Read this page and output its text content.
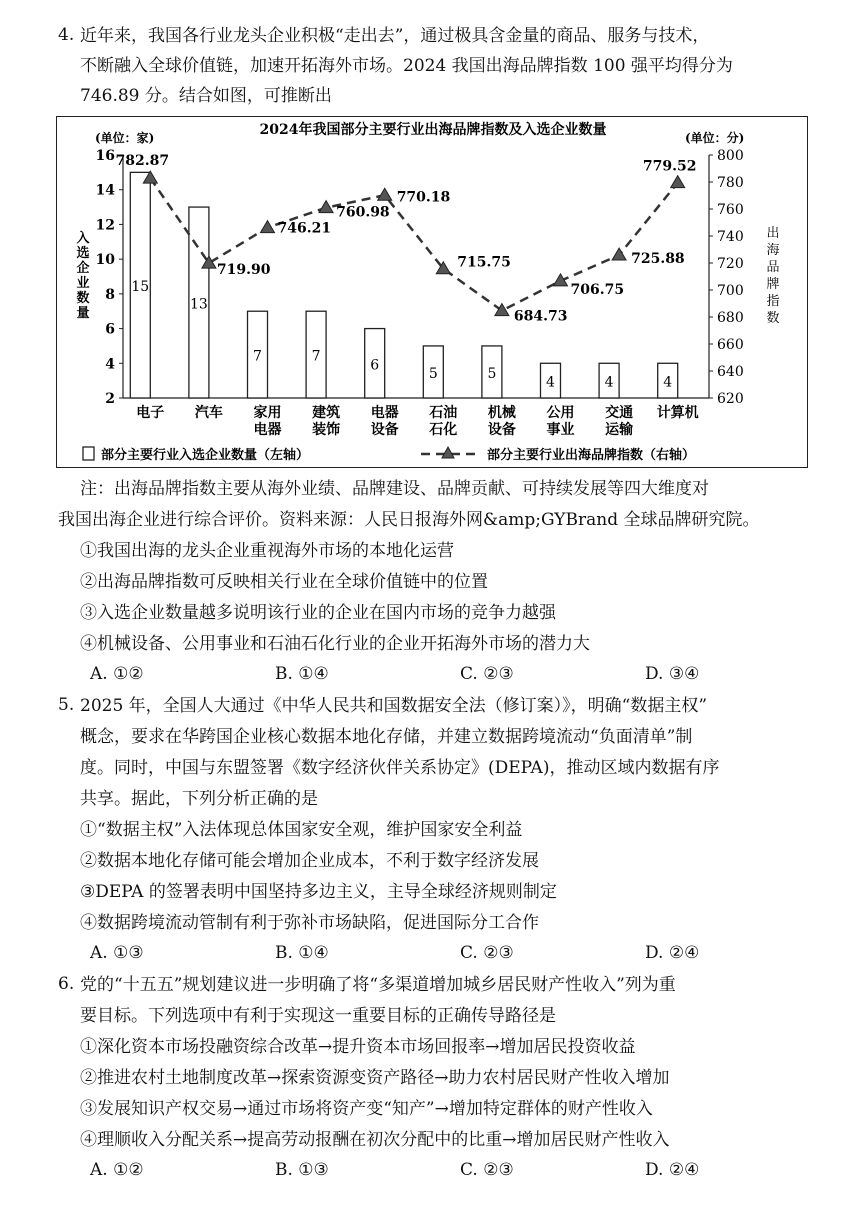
4. 近年来，我国各行业龙头企业积极“走出去”，通过极具含金量的商品、服务与技术，
不断融入全球价值链，加速开拓海外市场。2024 我国出海品牌指数 100 强平均得分为
746.89 分。结合如图，可推断出
2024年我国部分主要行业出海品牌指数及入选企业数量
(单位：家)	(单位：分)
2
4
6
8
10
12
14
16
620
640
660
680
700
720
740
760
780
800
入
选
企
业
数
量
出
海
品
牌
指
数
15
13
7	7
6
5	5
4	4	4
782.87
719.90
746.21
760.98
770.18
715.75
684.73
706.75
725.88
779.52
电子 汽车 家用
电器
建筑
装饰
电器
设备
石油
石化
机械
设备
公用
事业
交通
运输
计算机
部分主要行业入选企业数量（左轴）	部分主要行业出海品牌指数（右轴）
注：出海品牌指数主要从海外业绩、品牌建设、品牌贡献、可持续发展等四大维度对
我国出海企业进行综合评价。资料来源：人民日报海外网&amp;GYBrand 全球品牌研究院。
①我国出海的龙头企业重视海外市场的本地化运营
②出海品牌指数可反映相关行业在全球价值链中的位置
③入选企业数量越多说明该行业的企业在国内市场的竞争力越强
④机械设备、公用事业和石油石化行业的企业开拓海外市场的潜力大
A. ①②	B. ①④	C. ②③	D. ③④
5. 2025 年，全国人大通过《中华人民共和国数据安全法（修订案）》，明确“数据主权”
概念，要求在华跨国企业核心数据本地化存储，并建立数据跨境流动“负面清单”制
度。同时，中国与东盟签署《数字经济伙伴关系协定》(DEPA)，推动区域内数据有序
共享。据此，下列分析正确的是
①“数据主权”入法体现总体国家安全观，维护国家安全利益
②数据本地化存储可能会增加企业成本，不利于数字经济发展
③DEPA 的签署表明中国坚持多边主义，主导全球经济规则制定
④数据跨境流动管制有利于弥补市场缺陷，促进国际分工合作
A. ①③	B. ①④	C. ②③	D. ②④
6. 党的“十五五”规划建议进一步明确了将“多渠道增加城乡居民财产性收入”列为重
要目标。下列选项中有利于实现这一重要目标的正确传导路径是
①深化资本市场投融资综合改革→提升资本市场回报率→增加居民投资收益
②推进农村土地制度改革→探索资源变资产路径→助力农村居民财产性收入增加
③发展知识产权交易→通过市场将资产变“知产”→增加特定群体的财产性收入
④理顺收入分配关系→提高劳动报酬在初次分配中的比重→增加居民财产性收入
A. ①②	B. ①③	C. ②③	D. ②④
